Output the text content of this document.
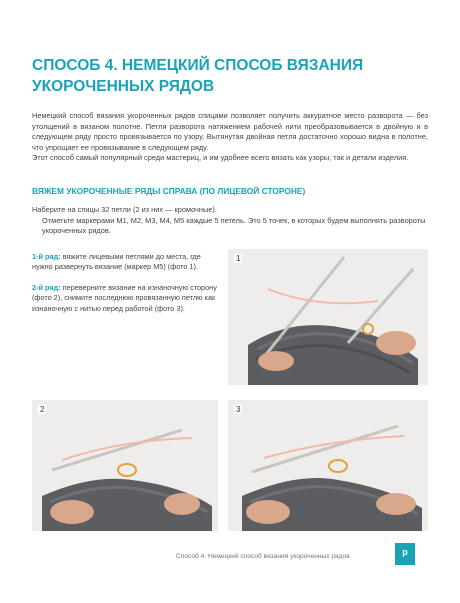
СПОСОБ 4. НЕМЕЦКИЙ СПОСОБ ВЯЗАНИЯ
УКОРОЧЕННЫХ РЯДОВ

Немецкий способ вязания укороченных рядов спицами позволяет получить аккуратное место разворота — без утолщений в вязаном полотне. Петля разворота натяжением рабочей нити преобразовывается в двойную и в следующем ряду просто провязывается по узору. Вытянутая двойная петля достаточно хорошо видна в полотне, что упрощает ее провязывание в следующем ряду.

Этот способ самый популярный среди мастериц, и им удобнее всего вязать как узоры, так и детали изделия.

ВЯЖЕМ УКОРОЧЕННЫЕ РЯДЫ СПРАВА (ПО ЛИЦЕВОЙ СТОРОНЕ)

Наберите на спицы 32 петли (2 из них — кромочные).

Отметьте маркерами М1, М2, М3, М4, М5 каждые 5 петель. Это 5 точек, в которых будем выполнять развороты укороченных рядов.

1-й ряд: вяжите лицевыми петлями до места, где нужно развернуть вязание (маркер М5) (фото 1).

2-й ряд: переверните вязание на изнаночную сторону (фото 2), снимите последнюю провязанную петлю как изнаночную с нитью перед работой (фото 3).

1
2	3
Способ 4. Немецкий способ вязания укороченных рядов	р
